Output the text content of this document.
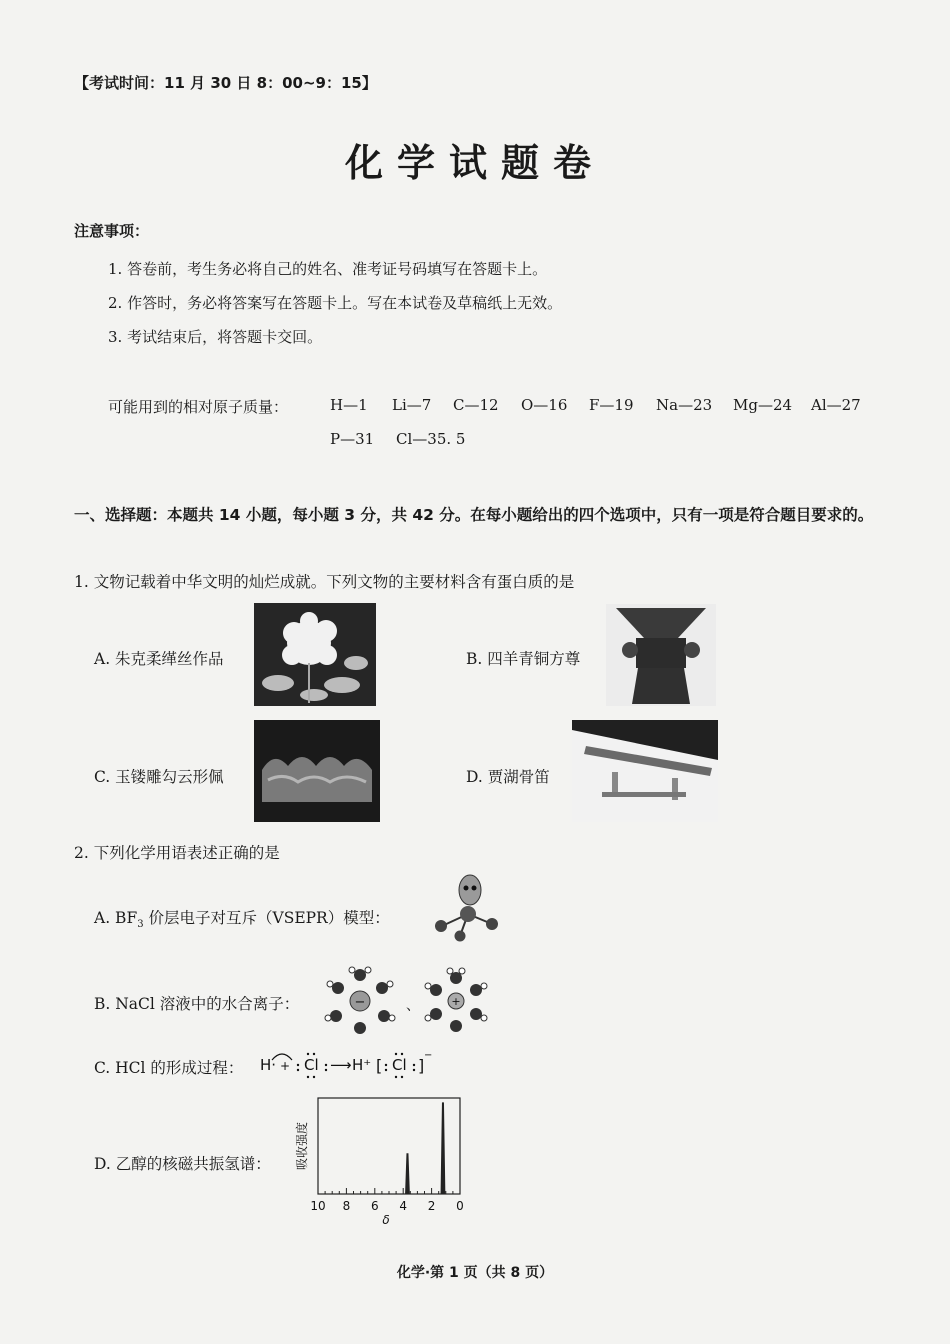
【考试时间：11 月 30 日 8：00~9：15】
化学试题卷
注意事项：
1. 答卷前，考生务必将自己的姓名、准考证号码填写在答题卡上。
2. 作答时，务必将答案写在答题卡上。写在本试卷及草稿纸上无效。
3. 考试结束后，将答题卡交回。
可能用到的相对原子质量：	H—1 Li—7 C—12 O—16 F—19 Na—23 Mg—24 Al—27
P—31 Cl—35. 5
一、选择题：本题共 14 小题，每小题 3 分，共 42 分。在每小题给出的四个选项中，只有一项是符合题目要求的。
1. 文物记载着中华文明的灿烂成就。下列文物的主要材料含有蛋白质的是
A. 朱克柔缂丝作品	B. 四羊青铜方尊
C. 玉镂雕勾云形佩	D. 贾湖骨笛
2. 下列化学用语表述正确的是
A. $BF_3$ 价层电子对互斥（VSEPR）模型：
B. NaCl 溶液中的水合离子：	−	、	+
C. HCl 的形成过程： H· + Cl ⟶ H⁺ [ Cl ]
−
D. 乙醇的核磁共振氢谱： 吸收强度
δ
10 8 6 4 2 0
化学·第 1 页（共 8 页）
